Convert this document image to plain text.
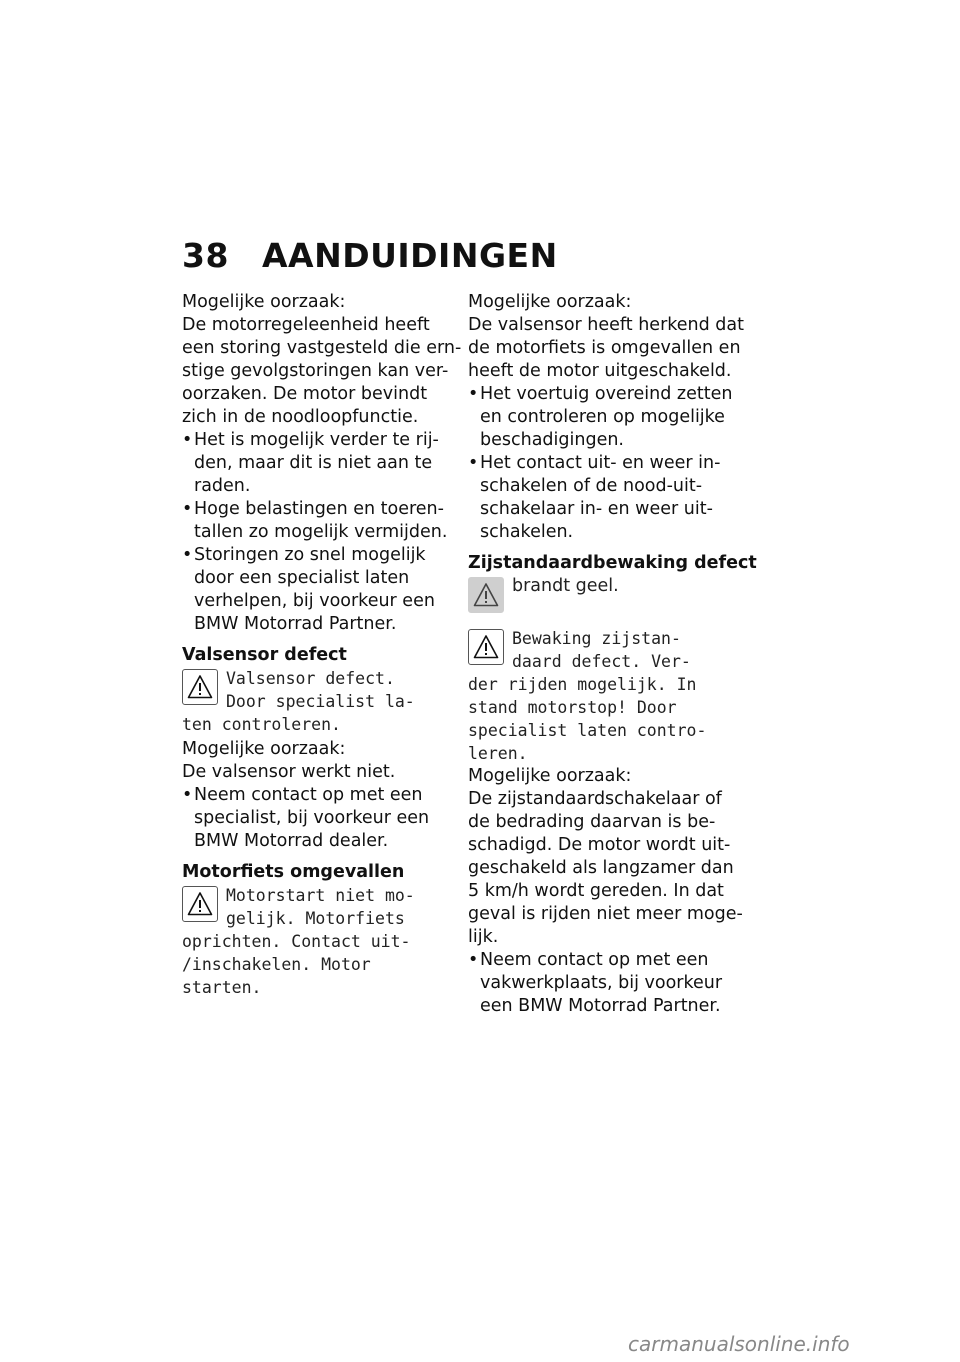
38 AANDUIDINGEN

Mogelijke oorzaak:
De motorregeleenheid heeft
een storing vastgesteld die ern-
stige gevolgstoringen kan ver-
oorzaken. De motor bevindt
zich in de noodloopfunctie.

•
Het is mogelijk verder te rij-
den, maar dit is niet aan te
raden.
•
Hoge belastingen en toeren-
tallen zo mogelijk vermijden.
•
Storingen zo snel mogelijk
door een specialist laten
verhelpen, bij voorkeur een
BMW Motorrad Partner.

Valsensor defect

Valsensor defect.
Door specialist la-
ten controleren.

Mogelijke oorzaak:
De valsensor werkt niet.

•
Neem contact op met een
specialist, bij voorkeur een
BMW Motorrad dealer.

Motorfiets omgevallen

Motorstart niet mo-
gelijk. Motorfiets
oprichten. Contact uit-
/inschakelen. Motor
starten.

Mogelijke oorzaak:
De valsensor heeft herkend dat
de motorfiets is omgevallen en
heeft de motor uitgeschakeld.

•
Het voertuig overeind zetten
en controleren op mogelijke
beschadigingen.
•
Het contact uit- en weer in-
schakelen of de nood-uit-
schakelaar in- en weer uit-
schakelen.

Zijstandaardbewaking defect

brandt geel.
Bewaking zijstan-
daard defect. Ver-
der rijden mogelijk. In
stand motorstop! Door
specialist laten contro-
leren.

Mogelijke oorzaak:
De zijstandaardschakelaar of
de bedrading daarvan is be-
schadigd. De motor wordt uit-
geschakeld als langzamer dan
5 km/h wordt gereden. In dat
geval is rijden niet meer moge-
lijk.

•
Neem contact op met een
vakwerkplaats, bij voorkeur
een BMW Motorrad Partner.
carmanualsonline.info
